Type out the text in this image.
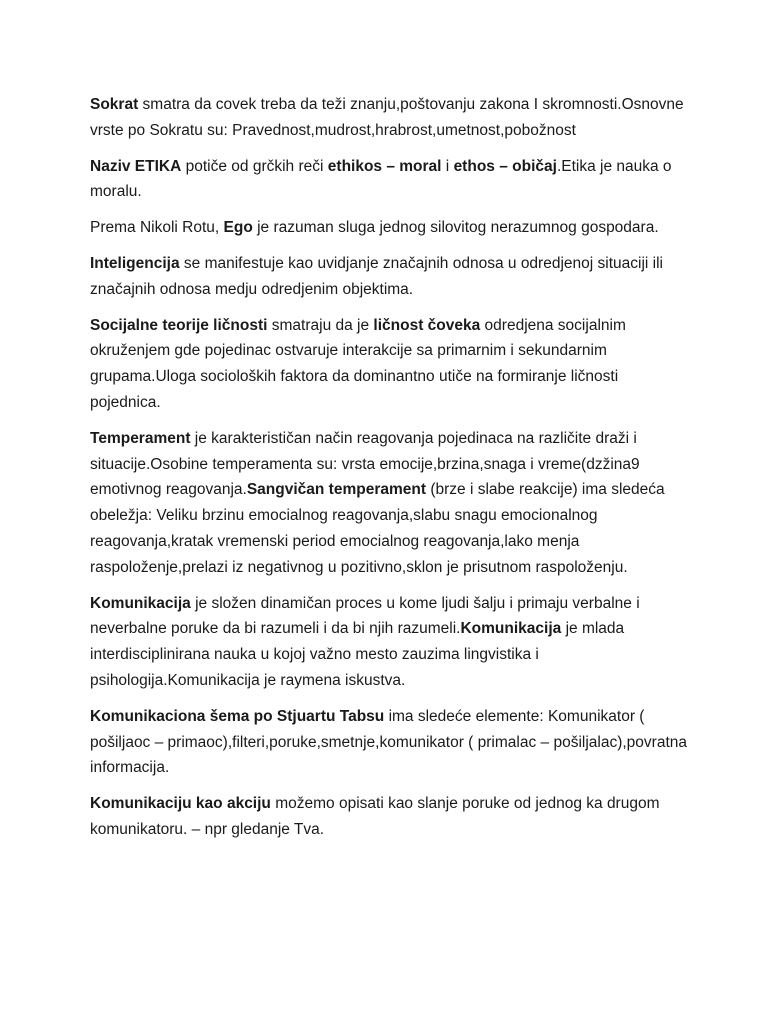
Sokrat smatra da covek treba da teži znanju,poštovanju zakona I skromnosti.Osnovne vrste po Sokratu su: Pravednost,mudrost,hrabrost,umetnost,pobožnost

Naziv ETIKA potiče od grčkih reči ethikos – moral i ethos – običaj.Etika je nauka o moralu.

Prema Nikoli Rotu, Ego je razuman sluga jednog silovitog nerazumnog gospodara.

Inteligencija se manifestuje kao uvidjanje značajnih odnosa u odredjenoj situaciji ili značajnih odnosa medju odredjenim objektima.

Socijalne teorije ličnosti smatraju da je ličnost čoveka odredjena socijalnim okruženjem gde pojedinac ostvaruje interakcije sa primarnim i sekundarnim grupama.Uloga socioloških faktora da dominantno utiče na formiranje ličnosti pojednica.

Temperament je karakterističan način reagovanja pojedinaca na različite draži i situacije.Osobine temperamenta su: vrsta emocije,brzina,snaga i vreme(dzžina9 emotivnog reagovanja.Sangvičan temperament (brze i slabe reakcije) ima sledeća obeležja: Veliku brzinu emocialnog reagovanja,slabu snagu emocionalnog reagovanja,kratak vremenski period emocialnog reagovanja,lako menja raspoloženje,prelazi iz negativnog u pozitivno,sklon je prisutnom raspoloženju.

Komunikacija je složen dinamičan proces u kome ljudi šalju i primaju verbalne i neverbalne poruke da bi razumeli i da bi njih razumeli.Komunikacija je mlada interdisciplinirana nauka u kojoj važno mesto zauzima lingvistika i psihologija.Komunikacija je raymena iskustva.

Komunikaciona šema po Stjuartu Tabsu ima sledeće elemente: Komunikator ( pošiljaoc – primaoc),filteri,poruke,smetnje,komunikator ( primalac – pošiljalac),povratna informacija.

Komunikaciju kao akciju možemo opisati kao slanje poruke od jednog ka drugom komunikatoru. – npr gledanje Tva.
